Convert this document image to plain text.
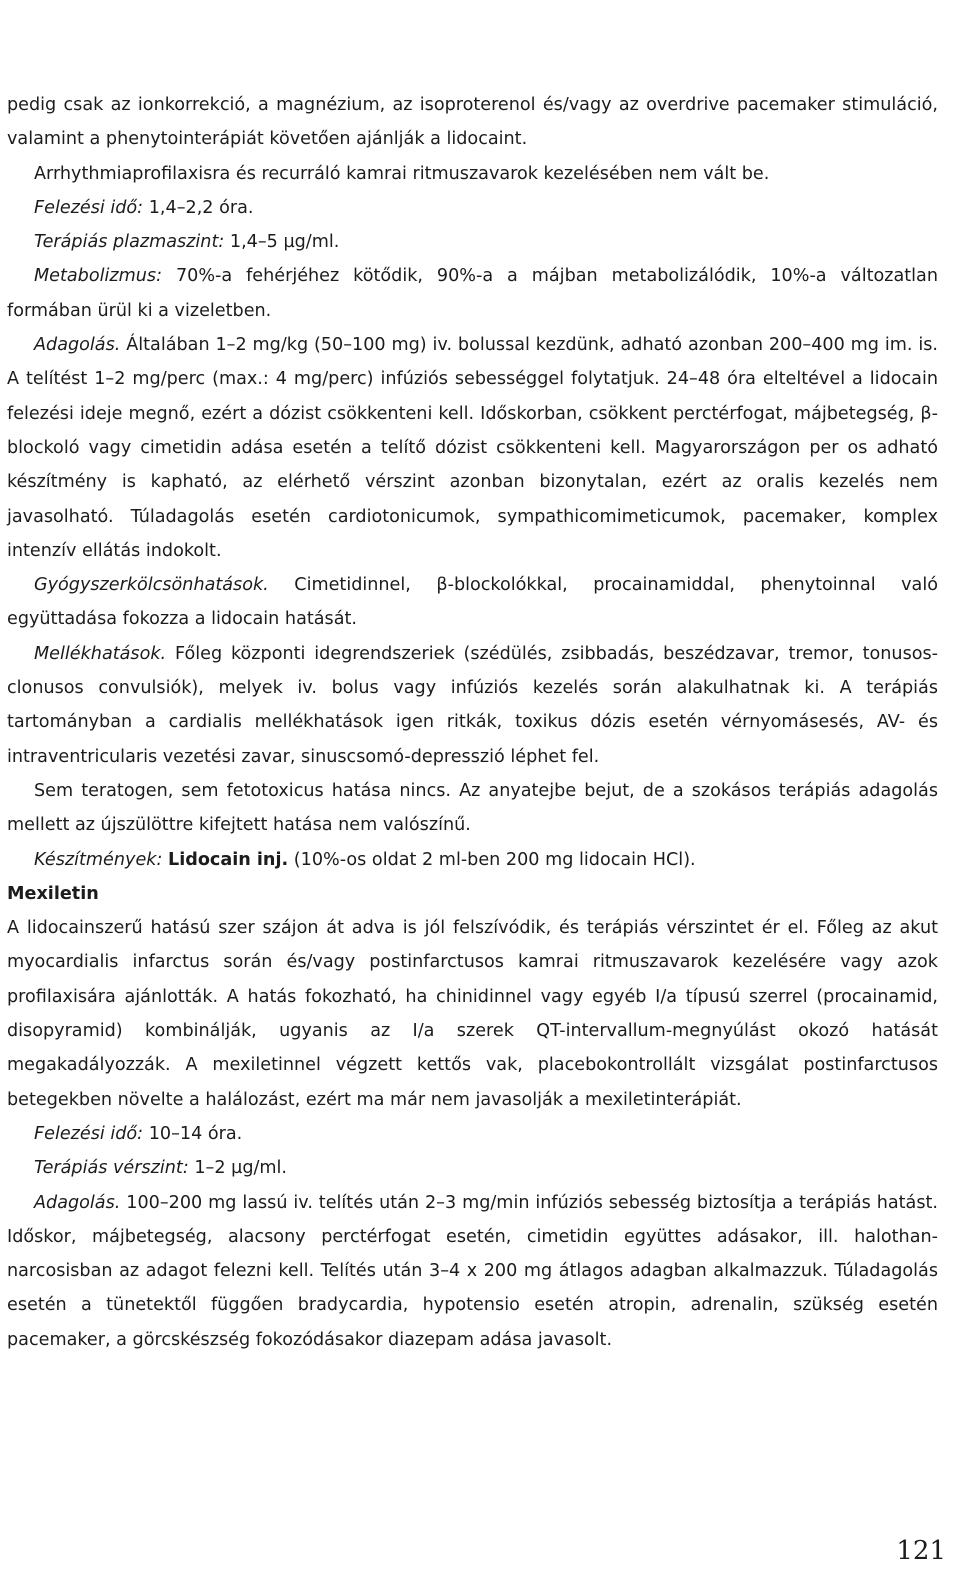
pedig csak az ionkorrekció, a magnézium, az isoproterenol és/vagy az overdrive pacemaker stimuláció, valamint a phenytointerápiát követően ajánlják a lidocaint.

Arrhythmiaprofilaxisra és recurráló kamrai ritmuszavarok kezelésében nem vált be.

Felezési idő: 1,4–2,2 óra.

Terápiás plazmaszint: 1,4–5 µg/ml.

Metabolizmus: 70%-a fehérjéhez kötődik, 90%-a a májban metabolizálódik, 10%-a változatlan formában ürül ki a vizeletben.

Adagolás. Általában 1–2 mg/kg (50–100 mg) iv. bolussal kezdünk, adható azonban 200–400 mg im. is. A telítést 1–2 mg/perc (max.: 4 mg/perc) infúziós sebességgel folytatjuk. 24–48 óra elteltével a lidocain felezési ideje megnő, ezért a dózist csökkenteni kell. Időskorban, csökkent perctérfogat, májbetegség, β-blockoló vagy cimetidin adása esetén a telítő dózist csökkenteni kell. Magyarországon per os adható készítmény is kapható, az elérhető vérszint azonban bizonytalan, ezért az oralis kezelés nem javasolható. Túladagolás esetén cardiotonicumok, sympathicomimeticumok, pacemaker, komplex intenzív ellátás indokolt.

Gyógyszerkölcsönhatások. Cimetidinnel, β-blockolókkal, procainamiddal, phenytoinnal való együttadása fokozza a lidocain hatását.

Mellékhatások. Főleg központi idegrendszeriek (szédülés, zsibbadás, beszédzavar, tremor, tonusos-clonusos convulsiók), melyek iv. bolus vagy infúziós kezelés során alakulhatnak ki. A terápiás tartományban a cardialis mellékhatások igen ritkák, toxikus dózis esetén vérnyomásesés, AV- és intraventricularis vezetési zavar, sinuscsomó-depresszió léphet fel.

Sem teratogen, sem fetotoxicus hatása nincs. Az anyatejbe bejut, de a szokásos terápiás adagolás mellett az újszülöttre kifejtett hatása nem valószínű.

Készítmények: Lidocain inj. (10%-os oldat 2 ml-ben 200 mg lidocain HCl).

Mexiletin

A lidocainszerű hatású szer szájon át adva is jól felszívódik, és terápiás vérszintet ér el. Főleg az akut myocardialis infarctus során és/vagy postinfarctusos kamrai ritmuszavarok kezelésére vagy azok profilaxisára ajánlották. A hatás fokozható, ha chinidinnel vagy egyéb I/a típusú szerrel (procainamid, disopyramid) kombinálják, ugyanis az I/a szerek QT-intervallum-megnyúlást okozó hatását megakadályozzák. A mexiletinnel végzett kettős vak, placebokontrollált vizsgálat postinfarctusos betegekben növelte a halálozást, ezért ma már nem javasolják a mexiletinterápiát.

Felezési idő: 10–14 óra.

Terápiás vérszint: 1–2 µg/ml.

Adagolás. 100–200 mg lassú iv. telítés után 2–3 mg/min infúziós sebesség biztosítja a terápiás hatást. Időskor, májbetegség, alacsony perctérfogat esetén, cimetidin együttes adásakor, ill. halothan-narcosisban az adagot felezni kell. Telítés után 3–4 x 200 mg átlagos adagban alkalmazzuk. Túladagolás esetén a tünetektől függően bradycardia, hypotensio esetén atropin, adrenalin, szükség esetén pacemaker, a görcskészség fokozódásakor diazepam adása javasolt.

121
